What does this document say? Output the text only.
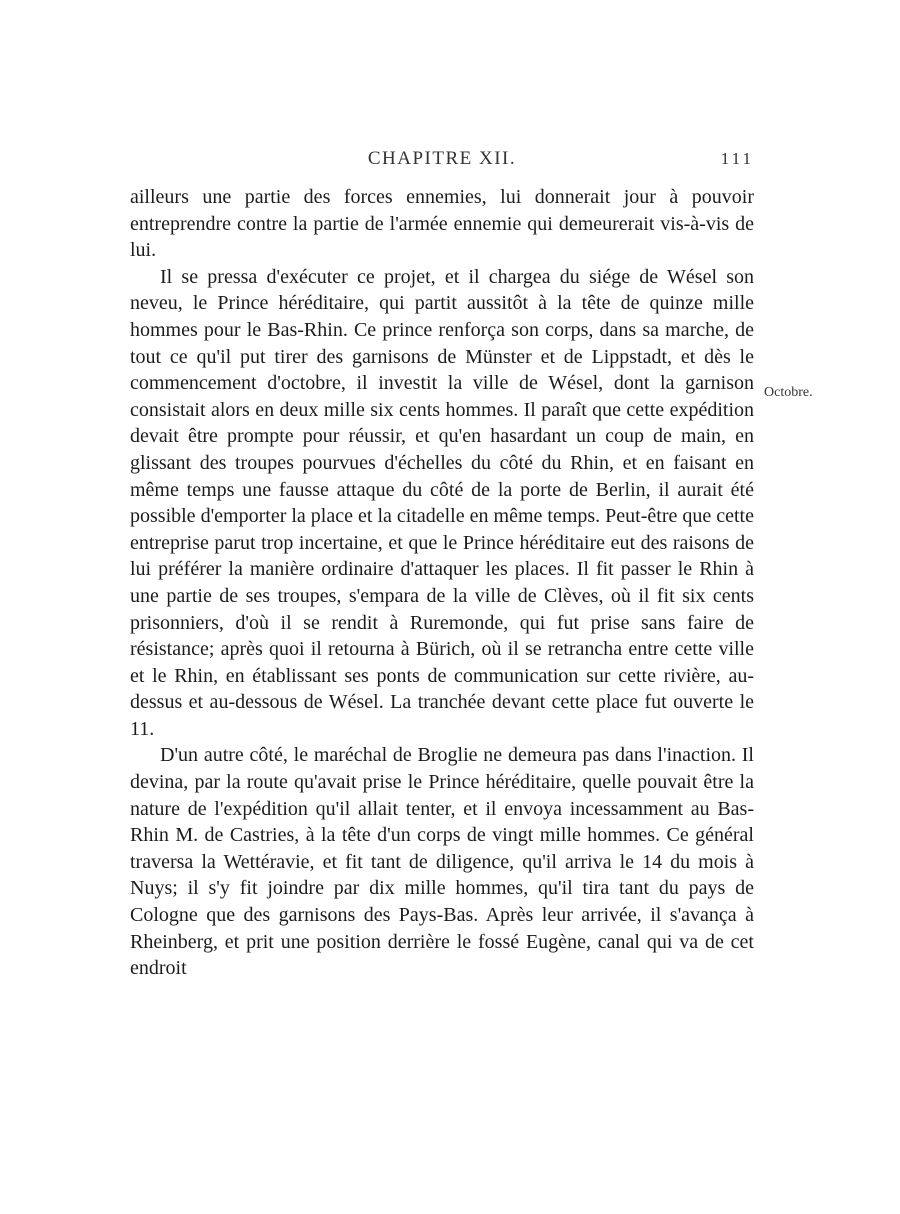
CHAPITRE XII.	111

ailleurs une partie des forces ennemies, lui donnerait jour à pouvoir entreprendre contre la partie de l'armée ennemie qui demeurerait vis-à-vis de lui.

Il se pressa d'exécuter ce projet, et il chargea du siége de Wésel son neveu, le Prince héréditaire, qui partit aussitôt à la tête de quinze mille hommes pour le Bas-Rhin. Ce prince renforça son corps, dans sa marche, de tout ce qu'il put tirer des garnisons de Münster et de Lippstadt, et dès le commencement d'octobre, il investit la ville de Wésel, dont la garnison consistait alors en deux mille six cents hommes. Il paraît que cette expédition devait être prompte pour réussir, et qu'en hasardant un coup de main, en glissant des troupes pourvues d'échelles du côté du Rhin, et en faisant en même temps une fausse attaque du côté de la porte de Berlin, il aurait été possible d'emporter la place et la citadelle en même temps. Peut-être que cette entreprise parut trop incertaine, et que le Prince héréditaire eut des raisons de lui préférer la manière ordinaire d'attaquer les places. Il fit passer le Rhin à une partie de ses troupes, s'empara de la ville de Clèves, où il fit six cents prisonniers, d'où il se rendit à Ruremonde, qui fut prise sans faire de résistance; après quoi il retourna à Bürich, où il se retrancha entre cette ville et le Rhin, en établissant ses ponts de communication sur cette rivière, au-dessus et au-dessous de Wésel. La tranchée devant cette place fut ouverte le 11.

D'un autre côté, le maréchal de Broglie ne demeura pas dans l'inaction. Il devina, par la route qu'avait prise le Prince héréditaire, quelle pouvait être la nature de l'expédition qu'il allait tenter, et il envoya incessamment au Bas-Rhin M. de Castries, à la tête d'un corps de vingt mille hommes. Ce général traversa la Wettéravie, et fit tant de diligence, qu'il arriva le 14 du mois à Nuys; il s'y fit joindre par dix mille hommes, qu'il tira tant du pays de Cologne que des garnisons des Pays-Bas. Après leur arrivée, il s'avança à Rheinberg, et prit une position derrière le fossé Eugène, canal qui va de cet endroit

Octobre.
